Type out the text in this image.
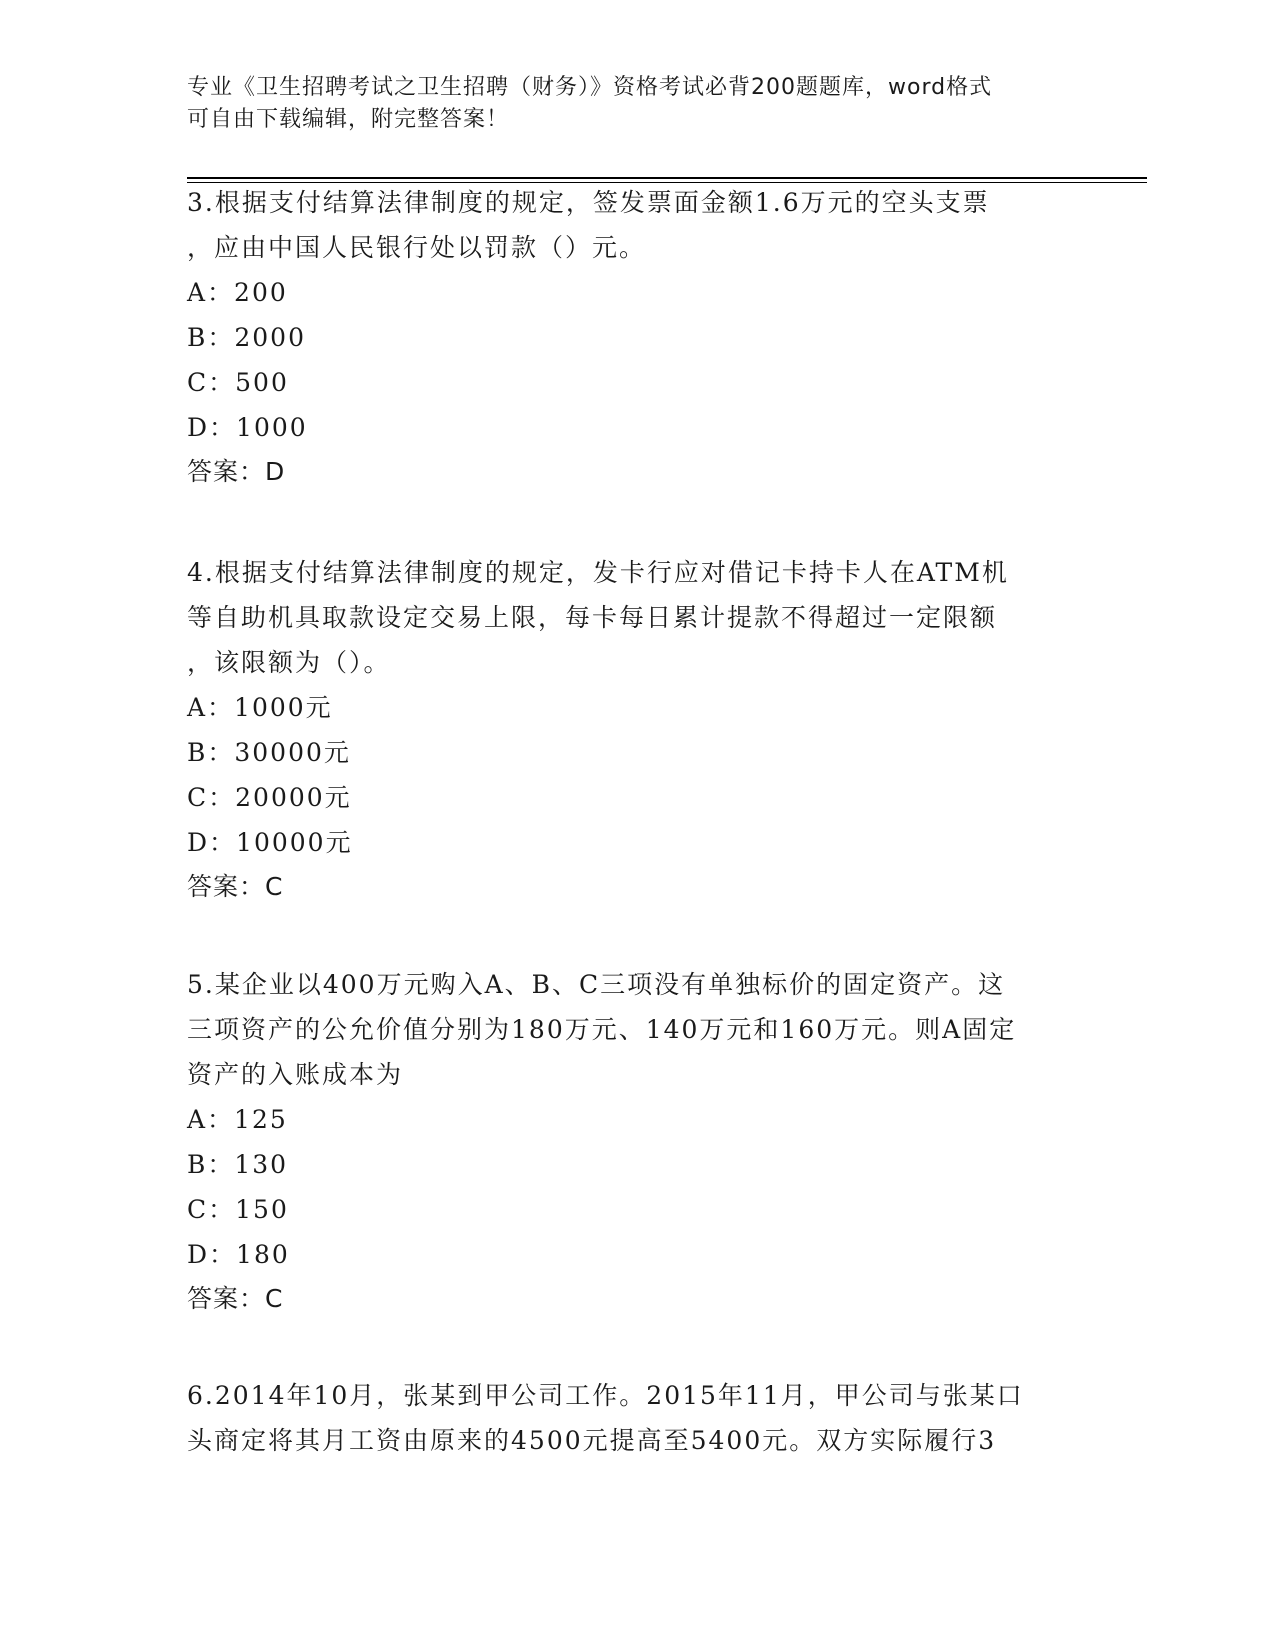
专业《卫生招聘考试之卫生招聘（财务）》资格考试必背200题题库，word格式
可自由下载编辑，附完整答案！
3.根据支付结算法律制度的规定，签发票面金额1.6万元的空头支票
，应由中国人民银行处以罚款（）元。
A：200
B：2000
C：500
D：1000
答案：D
4.根据支付结算法律制度的规定，发卡行应对借记卡持卡人在ATM机
等自助机具取款设定交易上限，每卡每日累计提款不得超过一定限额
，该限额为（）。
A：1000元
B：30000元
C：20000元
D：10000元
答案：C
5.某企业以400万元购入A、B、C三项没有单独标价的固定资产。这
三项资产的公允价值分别为180万元、140万元和160万元。则A固定
资产的入账成本为
A：125
B：130
C：150
D：180
答案：C
6.2014年10月，张某到甲公司工作。2015年11月，甲公司与张某口
头商定将其月工资由原来的4500元提高至5400元。双方实际履行3
